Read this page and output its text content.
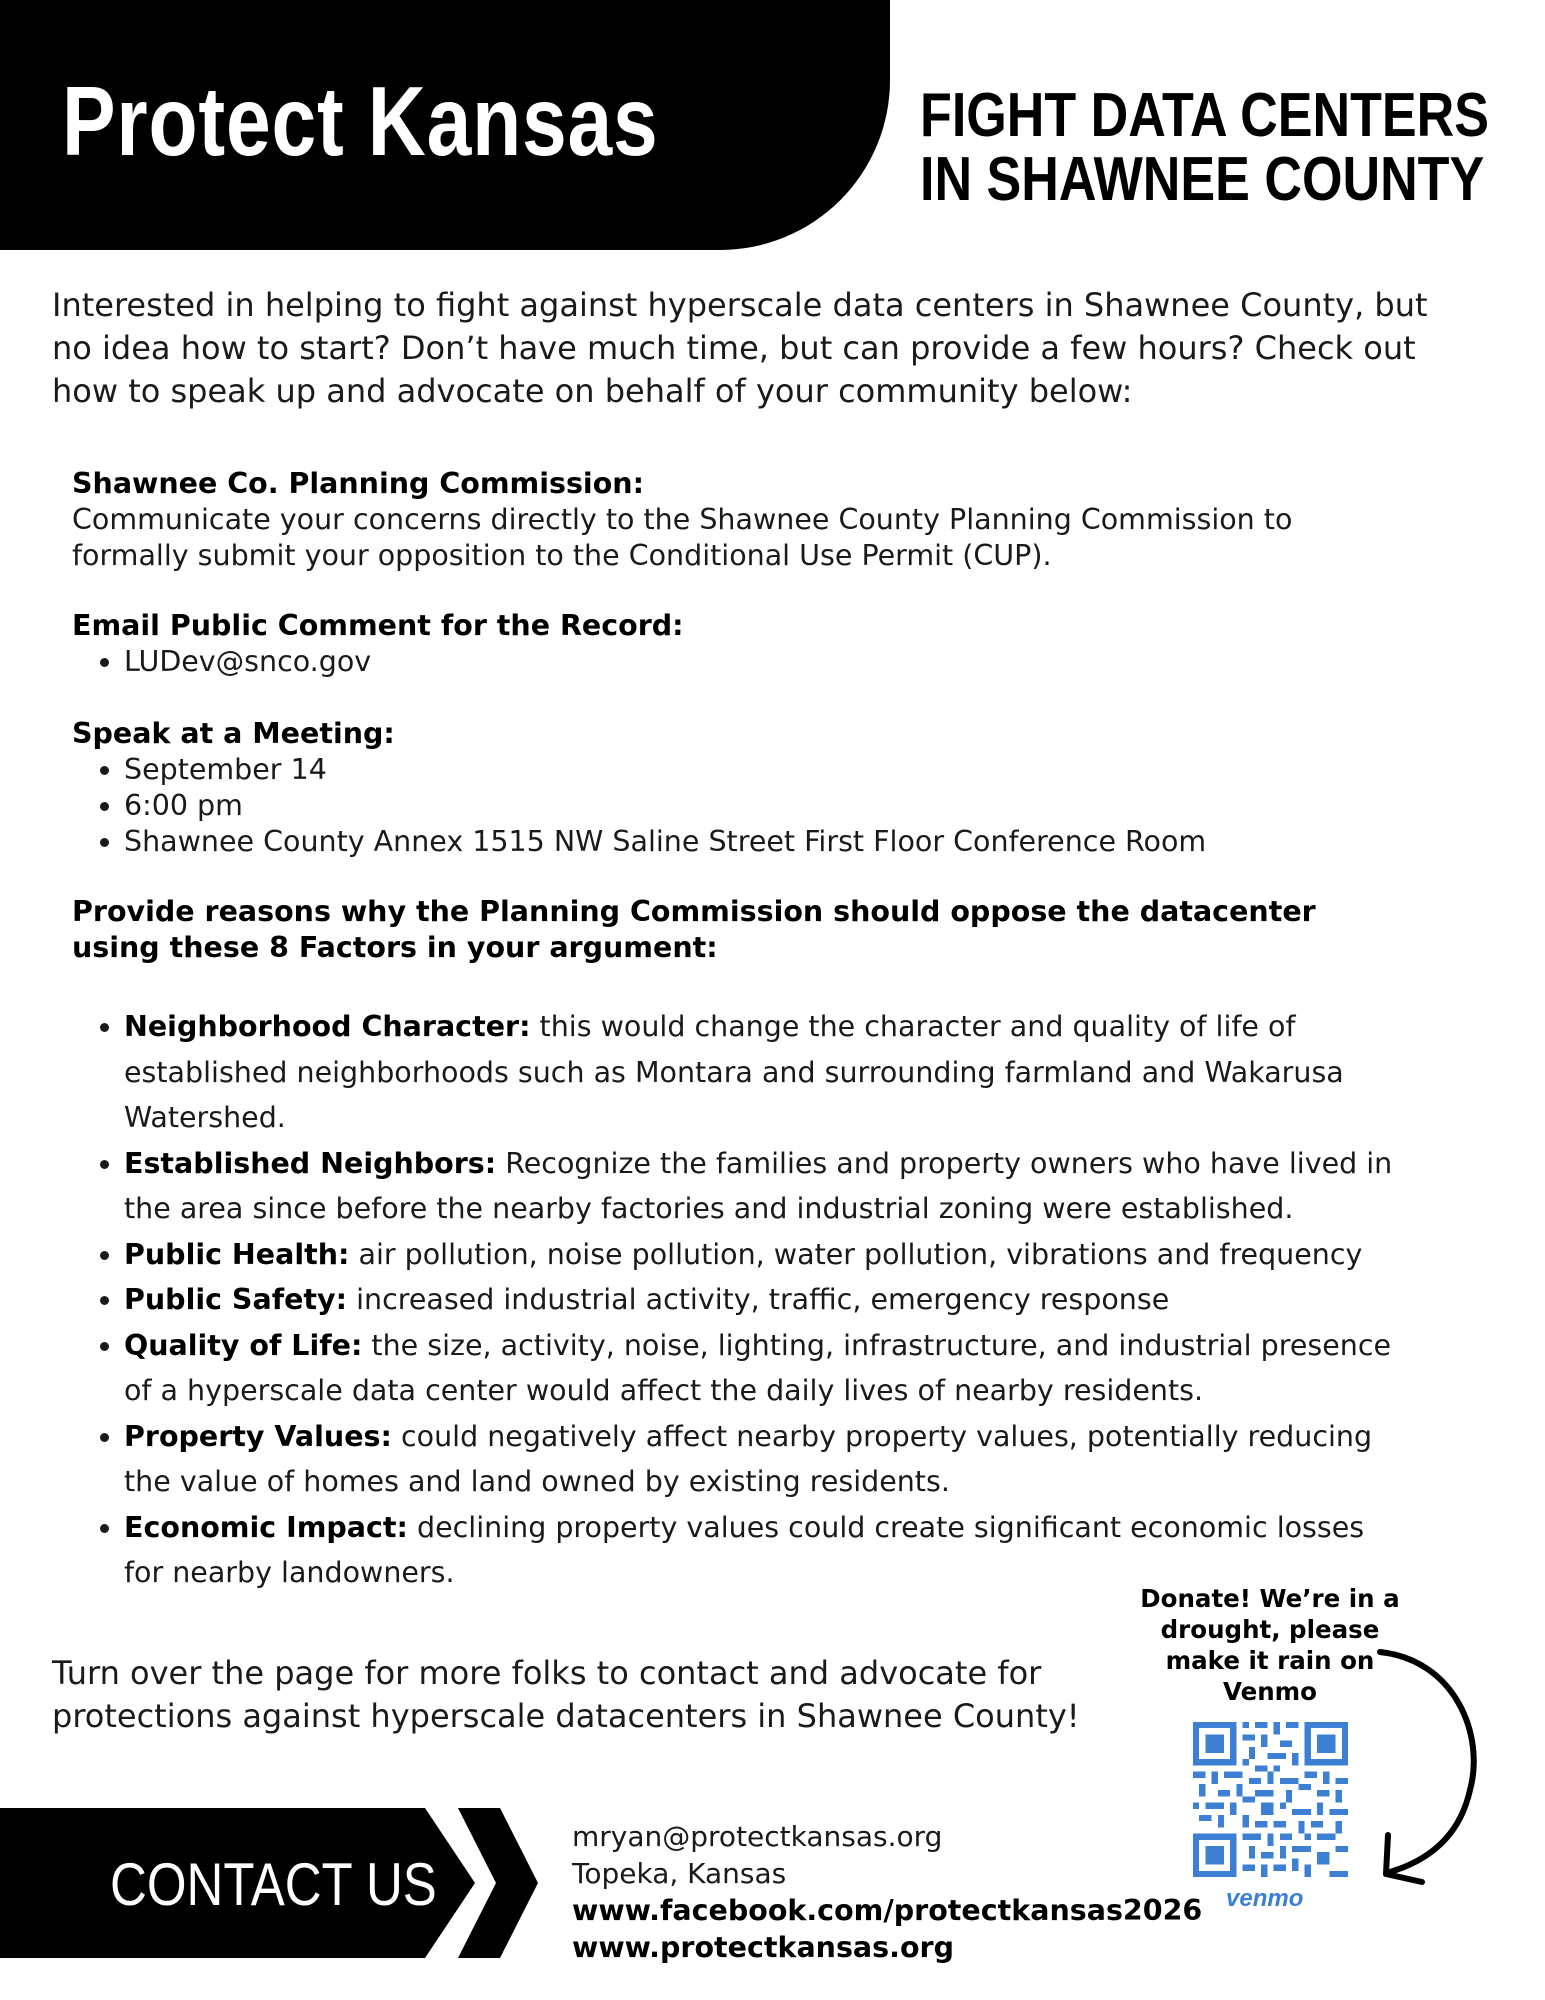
Protect Kansas	FIGHT DATA CENTERS
IN SHAWNEE COUNTY
Interested in helping to fight against hyperscale data centers in Shawnee County, but no idea how to start? Don’t have much time, but can provide a few hours? Check out how to speak up and advocate on behalf of your community below:
Shawnee Co. Planning Commission:
Communicate your concerns directly to the Shawnee County Planning Commission to formally submit your opposition to the Conditional Use Permit (CUP).
Email Public Comment for the Record:
• LUDev@snco.gov
Speak at a Meeting:
• September 14
• 6:00 pm
• Shawnee County Annex 1515 NW Saline Street First Floor Conference Room
Provide reasons why the Planning Commission should oppose the datacenter using these 8 Factors in your argument:
• Neighborhood Character: this would change the character and quality of life of established neighborhoods such as Montara and surrounding farmland and Wakarusa Watershed.
• Established Neighbors: Recognize the families and property owners who have lived in the area since before the nearby factories and industrial zoning were established.
• Public Health: air pollution, noise pollution, water pollution, vibrations and frequency
• Public Safety: increased industrial activity, traffic, emergency response
• Quality of Life: the size, activity, noise, lighting, infrastructure, and industrial presence of a hyperscale data center would affect the daily lives of nearby residents.
• Property Values: could negatively affect nearby property values, potentially reducing the value of homes and land owned by existing residents.
• Economic Impact: declining property values could create significant economic losses for nearby landowners.
Turn over the page for more folks to contact and advocate for protections against hyperscale datacenters in Shawnee County!
Donate! We’re in a drought, please make it rain on Venmo
venmo
CONTACT US
mryan@protectkansas.org
Topeka, Kansas
www.facebook.com/protectkansas2026
www.protectkansas.org
